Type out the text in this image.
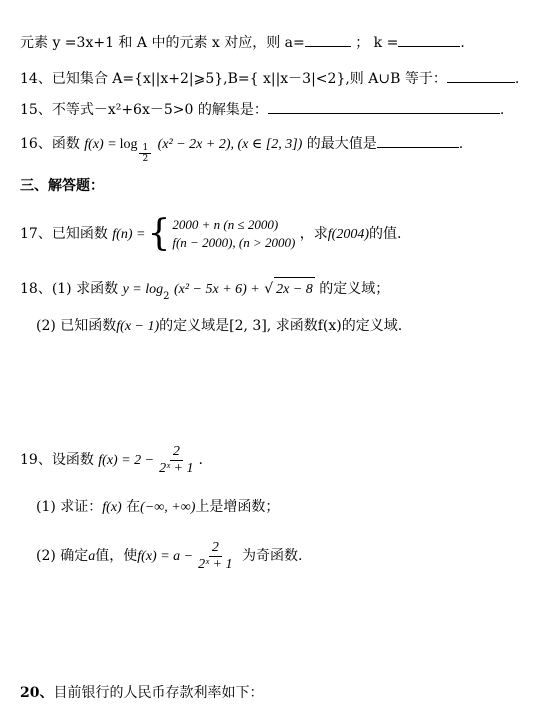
元素 y =3x+1 和 A 中的元素 x 对应，则 a=	； k =	.
14、已知集合 A={x||x+2|⩾5},B={ x||x－3|<2},则 A∪B 等于：	.
15、不等式－x²+6x－5>0 的解集是：	.
16、函数 $f(x) = \log \frac{1}{2} (x^2 - 2x + 2)$, (x ∈ [2, 3]) 的最大值是	.
三、解答题：
17、已知函数 f(n) ={ 2000 + n (n ≤ 2000)
f(n − 2000), (n > 2000)
，求f(2004)的值.
18、(1) 求函数 $y = \log_2 (x^2 - 5x + 6)$ + √ 2x − 8 的定义域；
(2) 已知函数f(x − 1)的定义域是[2, 3], 求函数f(x)的定义域.
19、设函数 $f(x) = 2 - \frac{2}{\text{2ˣ + 1}}$ .
(1) 求证：f(x) 在(−∞, +∞)上是增函数；
(2) 确定a值，使$f(x) = a - \frac{2}{\text{2ˣ + 1}}$ 为奇函数.
20、目前银行的人民币存款利率如下：
